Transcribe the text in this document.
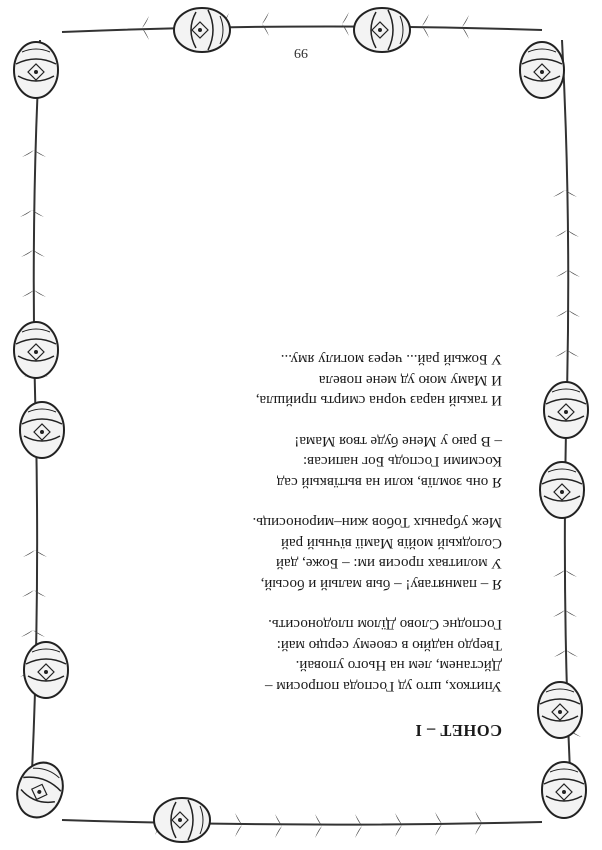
СОНЕТ – І
Упиткох, што уд Господа попросим –
Дйстанем, лем на Нього уповай.
Твердо надйю в своему серцю май:
Господнє Слово Дїлом плодоносить.
Я – памнятаву! – быв малый и босый,
У молитвах просив им: – Боже, дай
Солодкый мойїв Мамії вїчный рай
Меж убраных Тобов жин–мироносиць.
Я онь зомлїв, коли на вытївкый сад
Космими Господь Бог написав:
– В раю у Мене буде твоя Мама!
И такый нараз чорна смирть прийшла,
И Маму мою уд мене повела
У Божый рай... через могилу яму...
99
